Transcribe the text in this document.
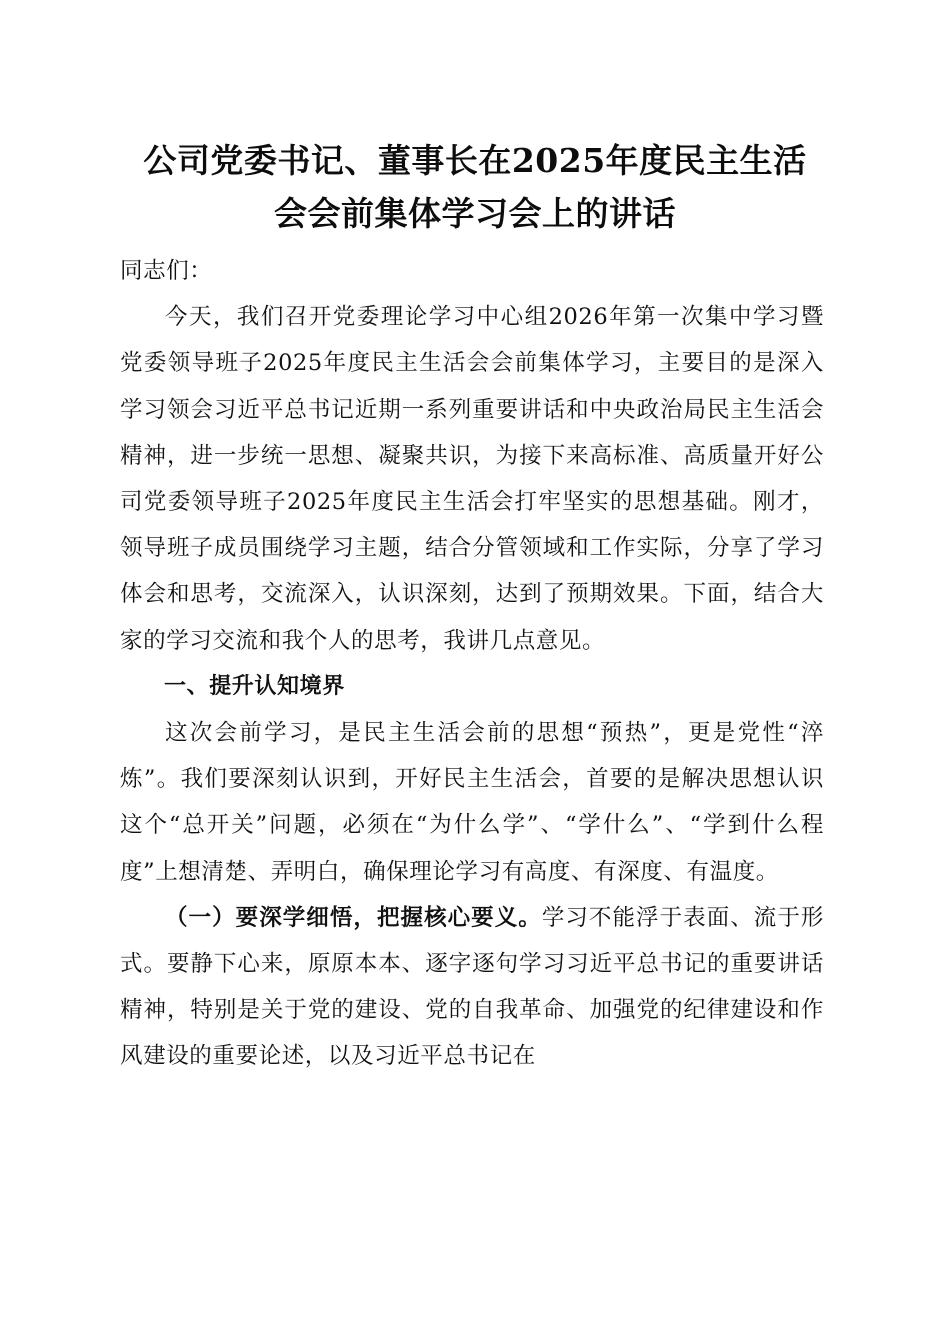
公司党委书记、董事长在2025年度民主生活
会会前集体学习会上的讲话

同志们：

今天，我们召开党委理论学习中心组2026年第一次集中学习暨党委领导班子2025年度民主生活会会前集体学习，主要目的是深入学习领会习近平总书记近期一系列重要讲话和中央政治局民主生活会精神，进一步统一思想、凝聚共识，为接下来高标准、高质量开好公司党委领导班子2025年度民主生活会打牢坚实的思想基础。刚才，领导班子成员围绕学习主题，结合分管领域和工作实际，分享了学习体会和思考，交流深入，认识深刻，达到了预期效果。下面，结合大家的学习交流和我个人的思考，我讲几点意见。

一、提升认知境界

这次会前学习，是民主生活会前的思想“预热”，更是党性“淬炼”。我们要深刻认识到，开好民主生活会，首要的是解决思想认识这个“总开关”问题，必须在“为什么学”、“学什么”、“学到什么程度”上想清楚、弄明白，确保理论学习有高度、有深度、有温度。

（一）要深学细悟，把握核心要义。学习不能浮于表面、流于形式。要静下心来，原原本本、逐字逐句学习习近平总书记的重要讲话精神，特别是关于党的建设、党的自我革命、加强党的纪律建设和作风建设的重要论述，以及习近平总书记在
